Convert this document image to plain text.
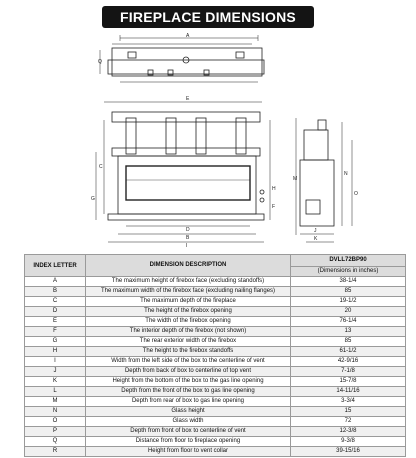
FIREPLACE DIMENSIONS
A
Q
E
C
G
H
F
D
B
I
M
N
O
J
K
INDEX LETTER	DIMENSION DESCRIPTION	DVLL72BP90
		(Dimensions in inches)
A	The maximum height of firebox face (excluding standoffs)	38-1/4
B	The maximum width of the firebox face (excluding nailing flanges)	85
C	The maximum depth of the fireplace	19-1/2
D	The height of the firebox opening	20
E	The width of the firebox opening	76-1/4
F	The interior depth of the firebox (not shown)	13
G	The rear exterior width of the firebox	85
H	The height to the firebox standoffs	61-1/2
I	Width from the left side of the box to the centerline of vent	42-9/16
J	Depth from back of box to centerline of top vent	7-1/8
K	Height from the bottom of the box to the gas line opening	15-7/8
L	Depth from the front of the box to gas line opening	14-11/16
M	Depth from rear of box to gas line opening	3-3/4
N	Glass height	15
O	Glass width	72
P	Depth from front of box to centerline of vent	12-3/8
Q	Distance from floor to fireplace opening	9-3/8
R	Height from floor to vent collar	39-15/16
